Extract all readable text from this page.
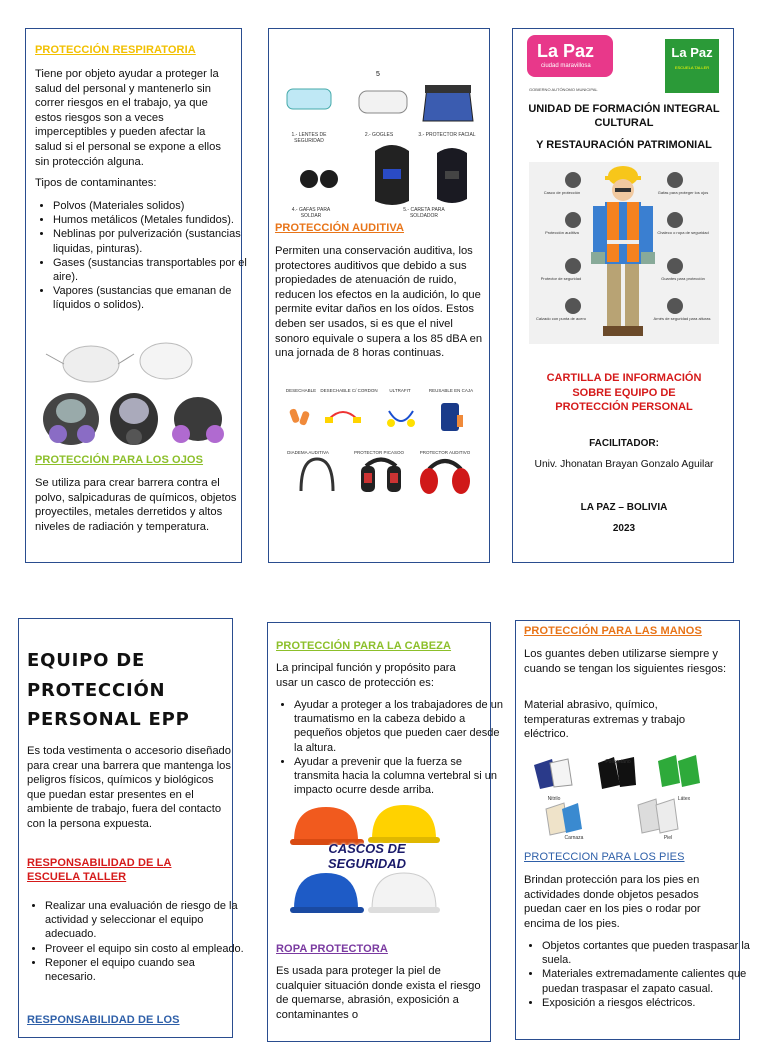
PROTECCIÓN RESPIRATORIA

Tiene por objeto ayudar a proteger la salud del personal y mantenerlo sin correr riesgos en el trabajo, ya que estos riesgos son a veces imperceptibles y pueden afectar la salud si el personal se expone a ellos sin protección alguna.

Tipos de contaminantes:

• Polvos (Materiales solidos)
• Humos metálicos (Metales fundidos).
• Neblinas por pulverización (sustancias liquidas, pinturas).
• Gases (sustancias transportables por el aire).
• Vapores (sustancias que emanan de líquidos o solidos).

PROTECCIÓN PARA LOS OJOS

Se utiliza para crear barrera contra el polvo, salpicaduras de químicos, objetos proyectiles, metales derretidos y altos niveles de radiación y temperatura.

5
1.- LENTES DE SEGURIDAD
2.- GOGLES	3.- PROTECTOR FACIAL
4.- GAFAS PARA SOLDAR
5.- CARETA PARA SOLDADOR

PROTECCIÓN AUDITIVA

Permiten una conservación auditiva, los protectores auditivos que debido a sus propiedades de atenuación de ruido, reducen los efectos en la audición, lo que permite evitar daños en los oídos. Estos deben ser usados, si es que el nivel sonoro equivale o supera a los 85 dBA en una jornada de 8 horas continuas.

DESECHABLE DESECHABLE C/ CORDON	ULTRAFIT	REUSABLE EN CAJA
DIADEMA AUDITIVA	PROTECTOR PICASOO	PROTECTOR AUDITIVO
La Paz
ciudad maravillosa
GOBIERNO AUTÓNOMO MUNICIPAL
La Paz
ESCUELA TALLER

UNIDAD DE FORMACIÓN INTEGRAL CULTURAL

Y RESTAURACIÓN PATRIMONIAL

Casco de protección	Gafas para proteger los ojos
Protección auditiva	Chaleco o ropa de seguridad
Protector de seguridad	Guantes para protección
Calzado con punta de acero	Arnés de seguridad para alturas

CARTILLA DE INFORMACIÓN SOBRE EQUIPO DE PROTECCIÓN PERSONAL

FACILITADOR:

Univ. Jhonatan Brayan Gonzalo Aguilar

LA PAZ – BOLIVIA

2023

EQUIPO DE PROTECCIÓN PERSONAL EPP

Es toda vestimenta o accesorio diseñado para crear una barrera que mantenga los peligros físicos, químicos y biológicos que puedan estar presentes en el ambiente de trabajo, fuera del contacto con la persona expuesta.

RESPONSABILIDAD DE LA ESCUELA TALLER

• Realizar una evaluación de riesgo de la actividad y seleccionar el equipo adecuado.
• Proveer el equipo sin costo al empleado.
• Reponer el equipo cuando sea necesario.

RESPONSABILIDAD DE LOS

PROTECCIÓN PARA LA CABEZA

La principal función y propósito para usar un casco de protección es:

• Ayudar a proteger a los trabajadores de un traumatismo en la cabeza debido a pequeños objetos que pueden caer desde la altura.
• Ayudar a prevenir que la fuerza se transmita hacia la columna vertebral si un impacto ocurre desde arriba.

CASCOS DE SEGURIDAD

ROPA PROTECTORA

Es usada para proteger la piel de cualquier situación donde exista el riesgo de quemarse, abrasión, exposición a contaminantes o

PROTECCIÓN PARA LAS MANOS

Los guantes deben utilizarse siempre y cuando se tengan los siguientes riesgos:

Material abrasivo, químico, temperaturas extremas y trabajo eléctrico.

Nitrilo
Poliuretano
Látex
Carnaza	Piel

PROTECCION PARA LOS PIES

Brindan protección para los pies en actividades donde objetos pesados puedan caer en los pies o rodar por encima de los pies.

• Objetos cortantes que pueden traspasar la suela.
• Materiales extremadamente calientes que puedan traspasar el zapato casual.
• Exposición a riesgos eléctricos.
